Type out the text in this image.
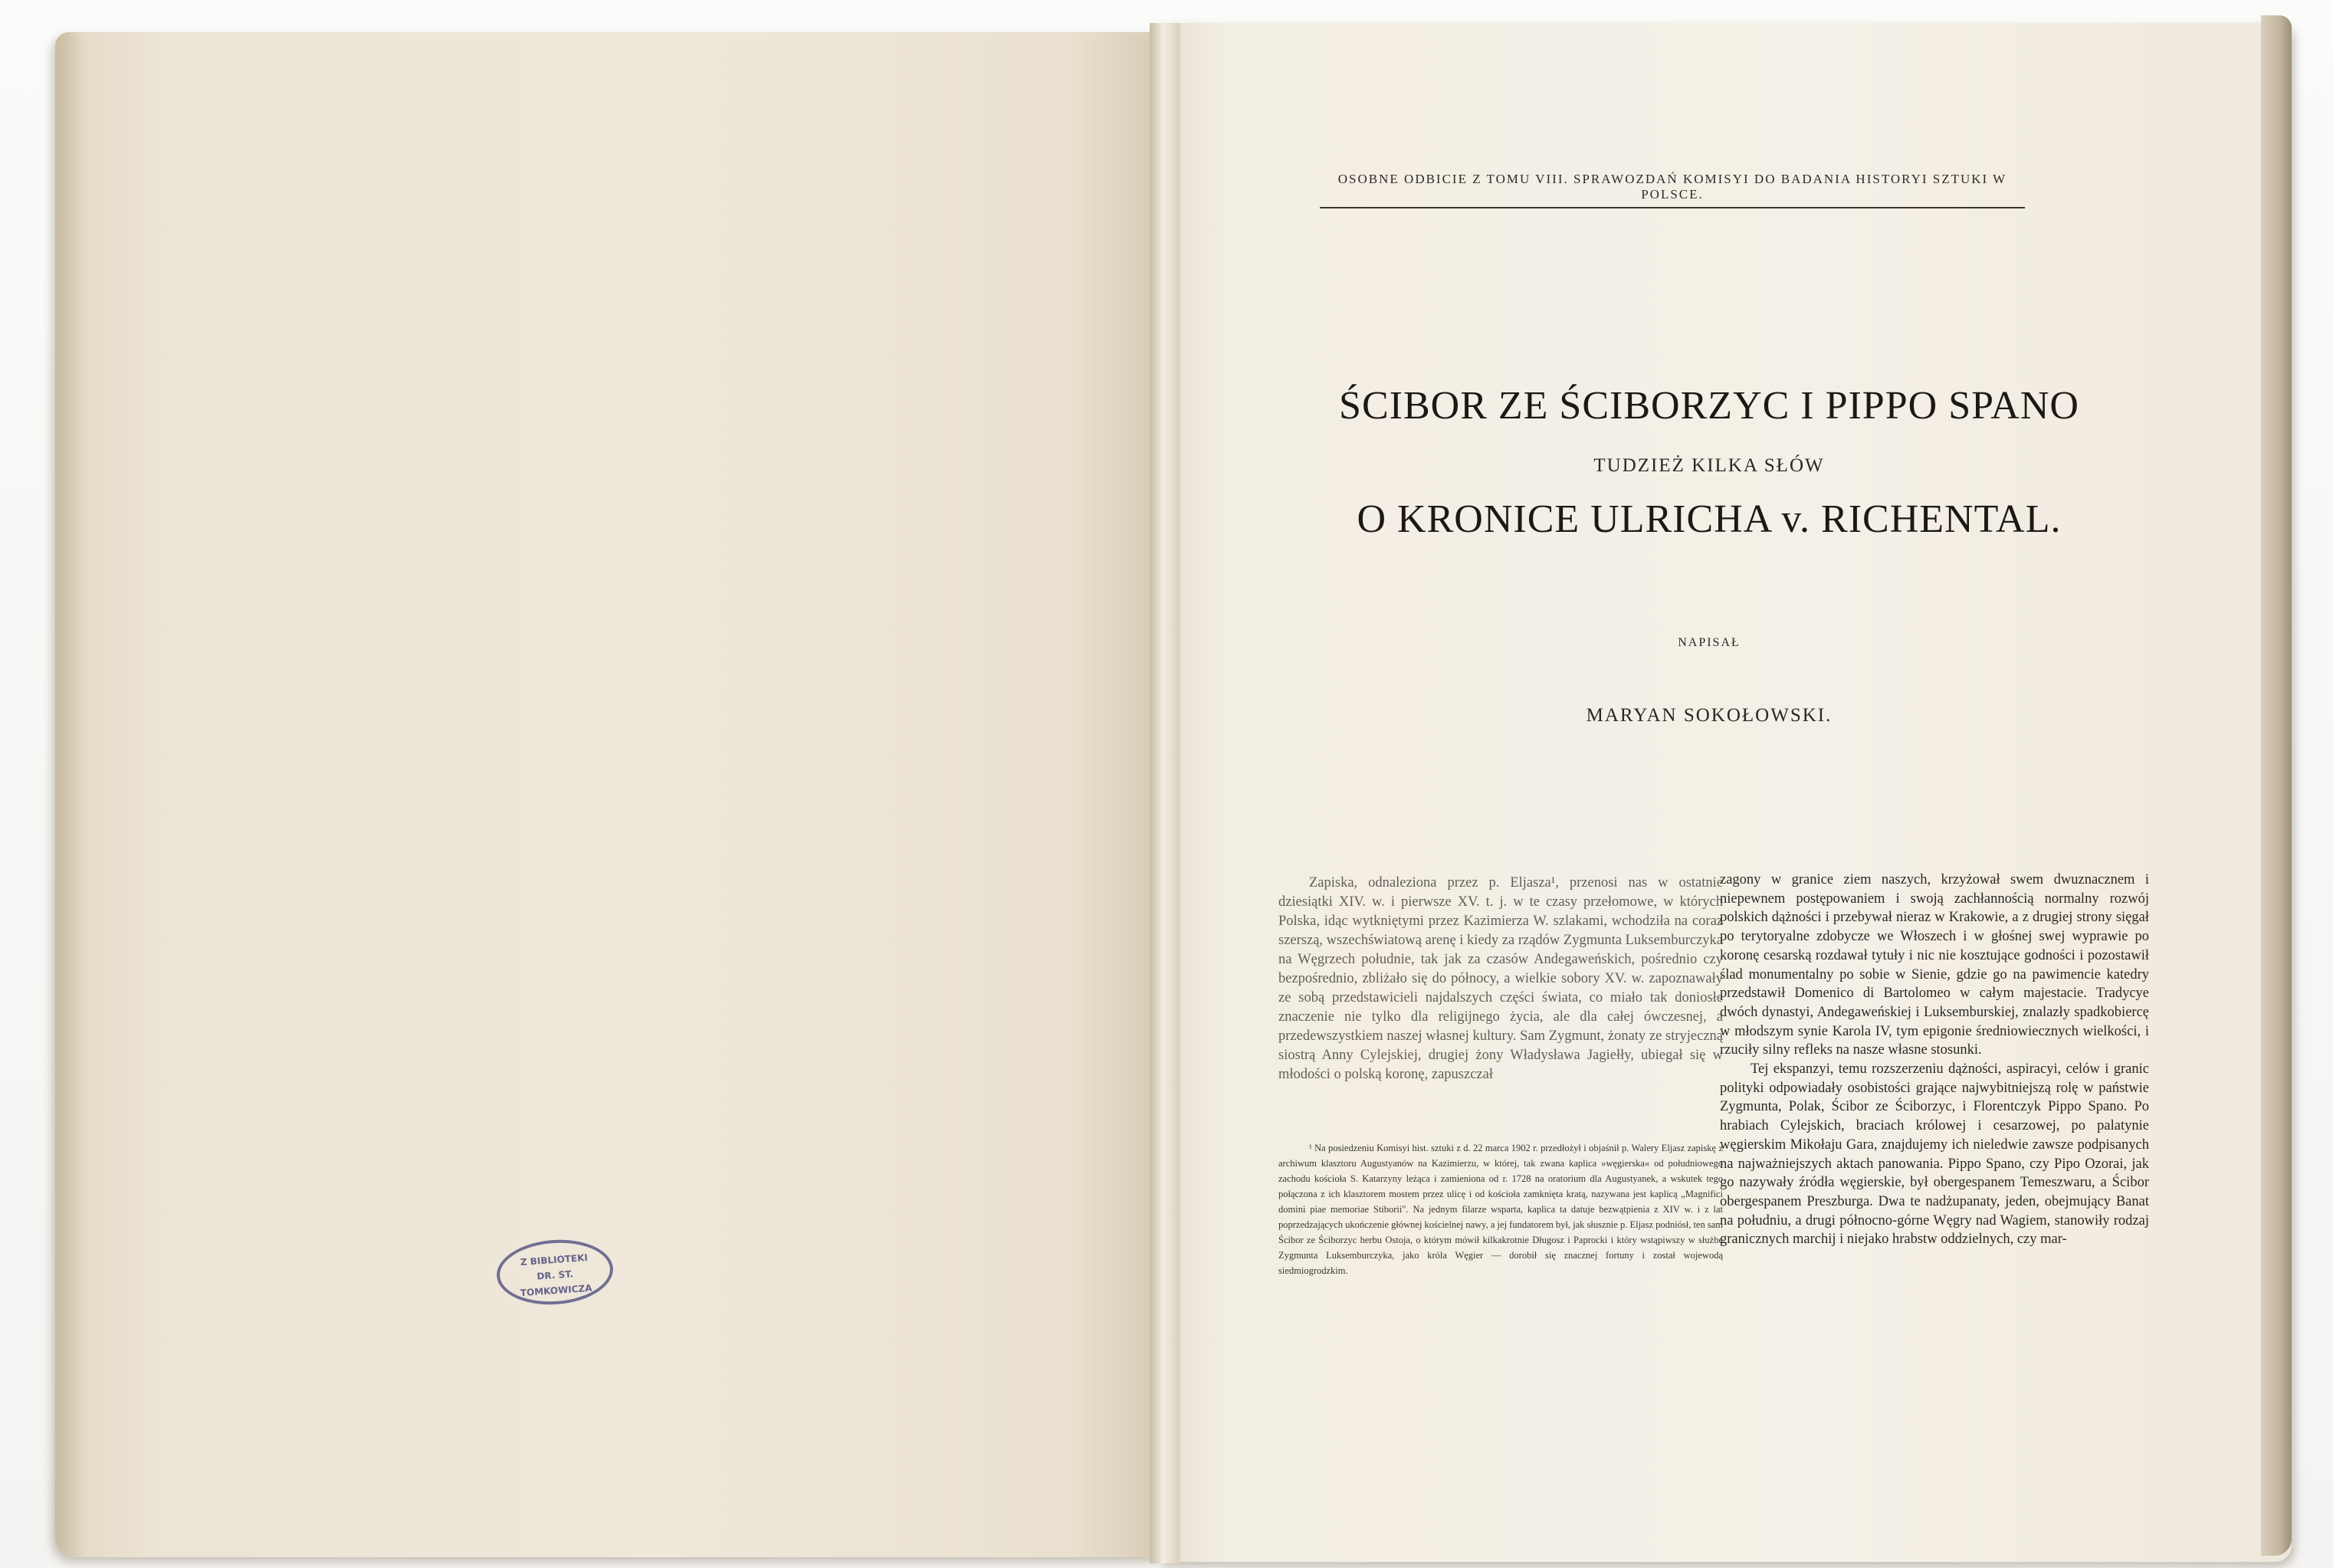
Z BIBLIOTEKI
DR. ST. TOMKOWICZA
OSOBNE ODBICIE Z TOMU VIII. SPRAWOZDAŃ KOMISYI DO BADANIA HISTORYI SZTUKI W POLSCE.
ŚCIBOR ZE ŚCIBORZYC I PIPPO SPANO
TUDZIEŻ KILKA SŁÓW
O KRONICE ULRICHA v. RICHENTAL.
NAPISAŁ
MARYAN SOKOŁOWSKI.

Zapiska, odnaleziona przez p. Eljasza¹, przenosi nas w ostatnie dziesiątki XIV. w. i pierwsze XV. t. j. w te czasy przełomowe, w których Polska, idąc wytkniętymi przez Kazimierza W. szlakami, wchodziła na coraz szerszą, wszechświatową arenę i kiedy za rządów Zygmunta Luksemburczyka na Węgrzech południe, tak jak za czasów Andegaweńskich, pośrednio czy bezpośrednio, zbliżało się do północy, a wielkie sobory XV. w. zapoznawały ze sobą przedstawicieli najdalszych części świata, co miało tak doniosłe znaczenie nie tylko dla religijnego życia, ale dla całej ówczesnej, a przedewszystkiem naszej własnej kultury. Sam Zygmunt, żonaty ze stryjeczną siostrą Anny Cylejskiej, drugiej żony Władysława Jagiełły, ubiegał się w młodości o polską koronę, zapuszczał

zagony w granice ziem naszych, krzyżował swem dwuznacznem i niepewnem postępowaniem i swoją zachłannością normalny rozwój polskich dążności i przebywał nieraz w Krakowie, a z drugiej strony sięgał po terytoryalne zdobycze we Włoszech i w głośnej swej wyprawie po koronę cesarską rozdawał tytuły i nic nie kosztujące godności i pozostawił ślad monumentalny po sobie w Sienie, gdzie go na pawimencie katedry przedstawił Domenico di Bartolomeo w całym majestacie. Tradycye dwóch dynastyi, Andegaweńskiej i Luksemburskiej, znalazły spadkobiercę w młodszym synie Karola IV, tym epigonie średniowiecznych wielkości, i rzuciły silny refleks na nasze własne stosunki.

Tej ekspanzyi, temu rozszerzeniu dążności, aspiracyi, celów i granic polityki odpowiadały osobistości grające najwybitniejszą rolę w państwie Zygmunta, Polak, Ścibor ze Ściborzyc, i Florentczyk Pippo Spano. Po hrabiach Cylejskich, braciach królowej i cesarzowej, po palatynie węgierskim Mikołaju Gara, znajdujemy ich nieledwie zawsze podpisanych na najważniejszych aktach panowania. Pippo Spano, czy Pipo Ozorai, jak go nazywały źródła węgierskie, był obergespanem Temeszwaru, a Ścibor obergespanem Preszburga. Dwa te nadżupanaty, jeden, obejmujący Banat na południu, a drugi północno-górne Węgry nad Wagiem, stanowiły rodzaj granicznych marchij i niejako hrabstw oddzielnych, czy mar-

¹ Na posiedzeniu Komisyi hist. sztuki z d. 22 marca 1902 r. przedłożył i objaśnił p. Walery Eljasz zapiskę z archiwum klasztoru Augustyanów na Kazimierzu, w której, tak zwana kaplica »węgierska« od południowego zachodu kościoła S. Katarzyny leżąca i zamieniona od r. 1728 na oratorium dla Augustyanek, a wskutek tego połączona z ich klasztorem mostem przez ulicę i od kościoła zamknięta kratą, nazywana jest kaplicą „Magnifici domini piae memoriae Stiborii". Na jednym filarze wsparta, kaplica ta datuje bezwątpienia z XIV w. i z lat poprzedzających ukończenie głównej kościelnej nawy, a jej fundatorem był, jak słusznie p. Eljasz podniósł, ten sam Ścibor ze Ściborzyc herbu Ostoja, o którym mówił kilkakrotnie Długosz i Paprocki i który wstąpiwszy w służbę Zygmunta Luksemburczyka, jako króla Węgier — dorobił się znacznej fortuny i został wojewodą siedmiogrodzkim.
